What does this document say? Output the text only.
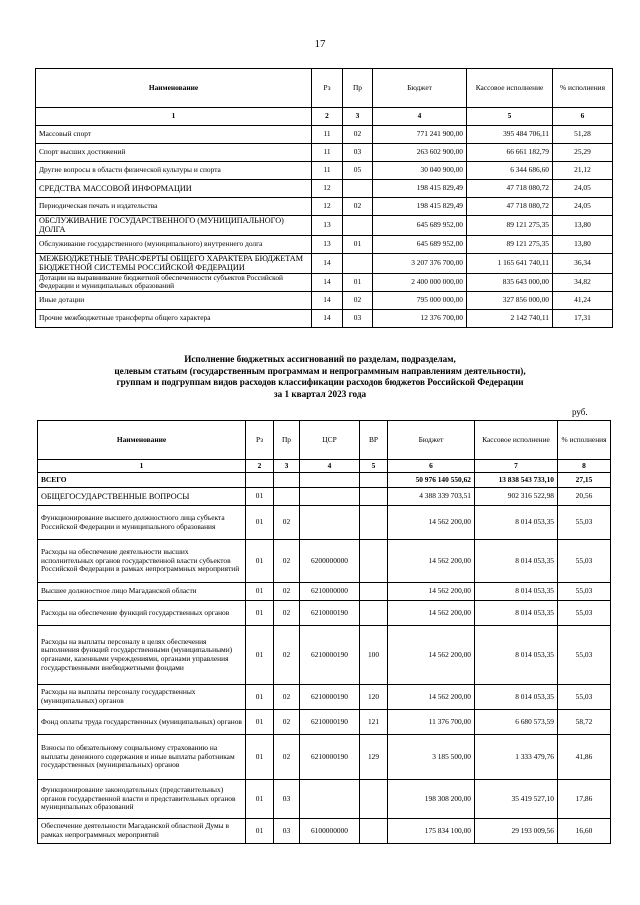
17
Наименование	Рз	Пр	Бюджет	Кассовое исполнение	% исполнения
1	2	3	4	5	6
Массовый спорт	11	02	771 241 900,00	395 484 706,11	51,28
Спорт высших достижений	11	03	263 602 900,00	66 661 182,79	25,29
Другие вопросы в области физической культуры и спорта	11	05	30 040 900,00	6 344 686,60	21,12
СРЕДСТВА МАССОВОЙ ИНФОРМАЦИИ	12		198 415 829,49	47 718 080,72	24,05
Периодическая печать и издательства	12	02	198 415 829,49	47 718 080,72	24,05
ОБСЛУЖИВАНИЕ ГОСУДАРСТВЕННОГО (МУНИЦИПАЛЬНОГО) ДОЛГА	13		645 689 952,00	89 121 275,35	13,80
Обслуживание государственного (муниципального) внутреннего долга	13	01	645 689 952,00	89 121 275,35	13,80
МЕЖБЮДЖЕТНЫЕ ТРАНСФЕРТЫ ОБЩЕГО ХАРАКТЕРА БЮДЖЕТАМ БЮДЖЕТНОЙ СИСТЕМЫ РОССИЙСКОЙ ФЕДЕРАЦИИ	14		3 207 376 700,00	1 165 641 740,11	36,34
Дотации на выравнивание бюджетной обеспеченности субъектов Российской Федерации и муниципальных образований	14	01	2 400 000 000,00	835 643 000,00	34,82
Иные дотации	14	02	795 000 000,00	327 856 000,00	41,24
Прочие межбюджетные трансферты общего характера	14	03	12 376 700,00	2 142 740,11	17,31
Исполнение бюджетных ассигнований по разделам, подразделам,
целевым статьям (государственным программам и непрограммным направлениям деятельности),
группам и подгруппам видов расходов классификации расходов бюджетов Российской Федерации
за 1 квартал 2023 года
руб.
Наименование	Рз	Пр	ЦСР	ВР	Бюджет	Кассовое исполнение	% исполнения
1	2	3	4	5	6	7	8
ВСЕГО					50 976 140 550,62	13 838 543 733,10	27,15
ОБЩЕГОСУДАРСТВЕННЫЕ ВОПРОСЫ	01				4 388 339 703,51	902 316 522,98	20,56
Функционирование высшего должностного лица субъекта Российской Федерации и муниципального образования	01	02			14 562 200,00	8 014 053,35	55,03
Расходы на обеспечение деятельности высших исполнительных органов государственной власти субъектов Российской Федерации в рамках непрограммных мероприятий	01	02	6200000000		14 562 200,00	8 014 053,35	55,03
Высшее должностное лицо Магаданской области	01	02	6210000000		14 562 200,00	8 014 053,35	55,03
Расходы на обеспечение функций государственных органов	01	02	6210000190		14 562 200,00	8 014 053,35	55,03
Расходы на выплаты персоналу в целях обеспечения выполнения функций государственными (муниципальными) органами, казенными учреждениями, органами управления государственными внебюджетными фондами	01	02	6210000190	100	14 562 200,00	8 014 053,35	55,03
Расходы на выплаты персоналу государственных (муниципальных) органов	01	02	6210000190	120	14 562 200,00	8 014 053,35	55,03
Фонд оплаты труда государственных (муниципальных) органов	01	02	6210000190	121	11 376 700,00	6 680 573,59	58,72
Взносы по обязательному социальному страхованию на выплаты денежного содержания и иные выплаты работникам государственных (муниципальных) органов	01	02	6210000190	129	3 185 500,00	1 333 479,76	41,86
Функционирование законодательных (представительных) органов государственной власти и представительных органов муниципальных образований	01	03			198 308 200,00	35 419 527,10	17,86
Обеспечение деятельности Магаданской областной Думы в рамках непрограммных мероприятий	01	03	6100000000		175 834 100,00	29 193 009,56	16,60
